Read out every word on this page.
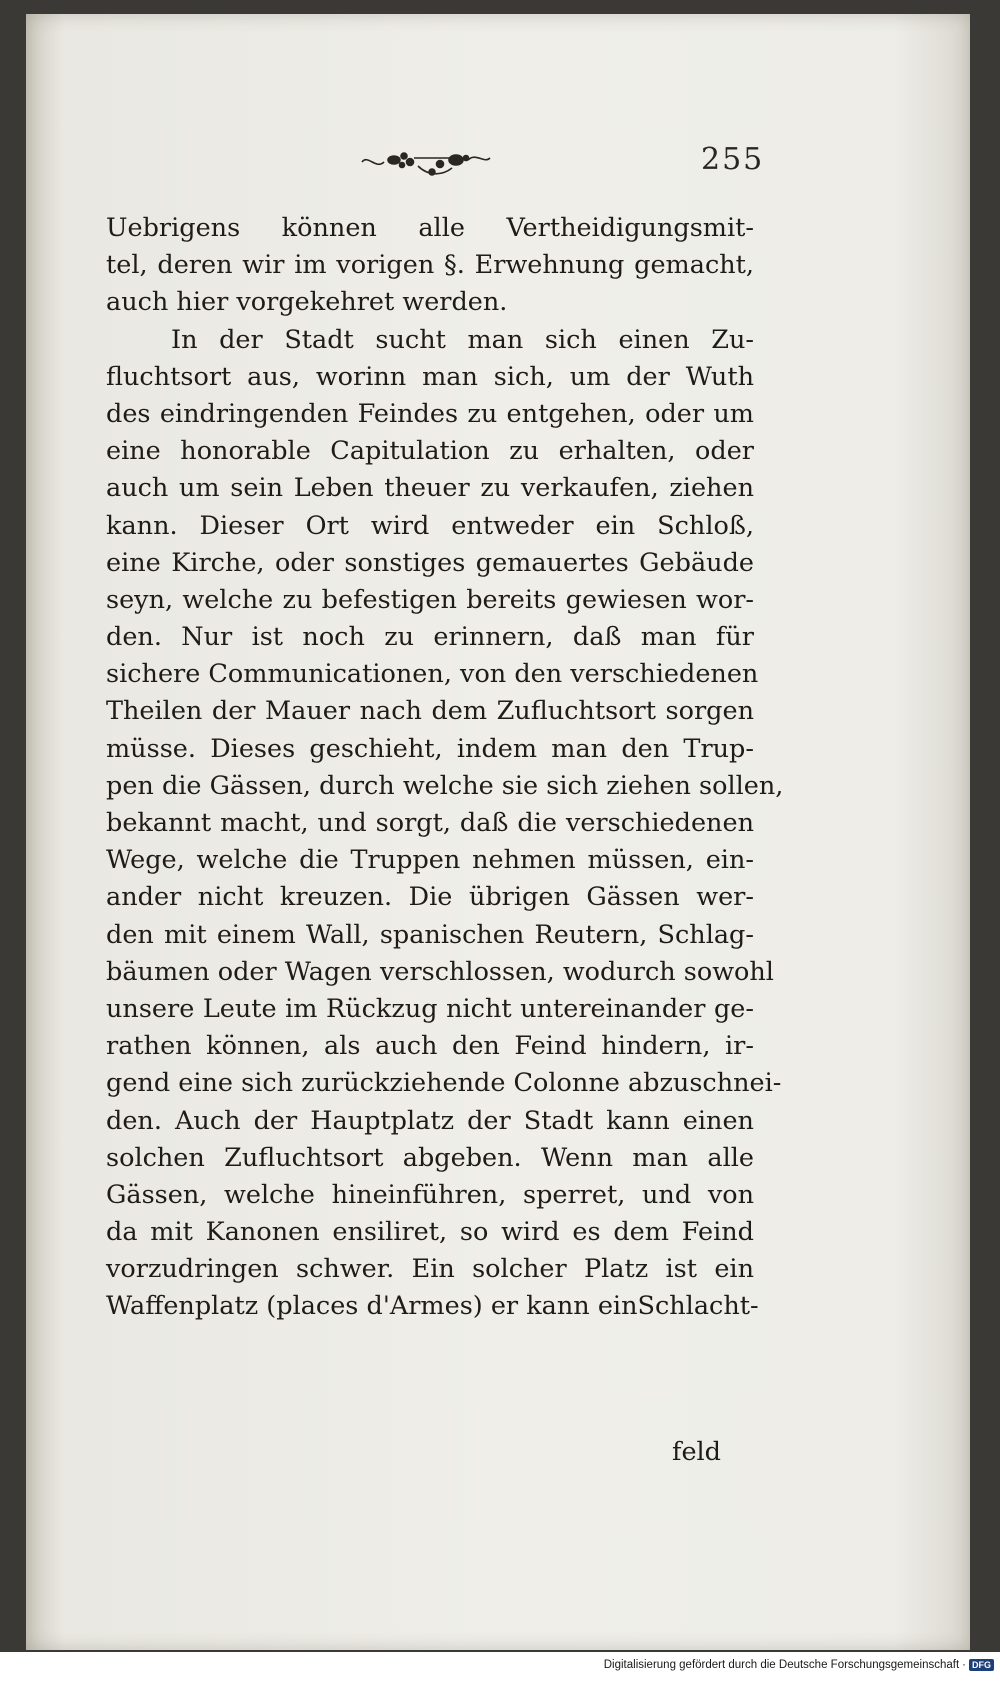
255
Uebrigens können alle Vertheidigungsmit-
tel, deren wir im vorigen §. Erwehnung gemacht,
auch hier vorgekehret werden.
In der Stadt sucht man sich einen Zu-
fluchtsort aus, worinn man sich, um der Wuth
des eindringenden Feindes zu entgehen, oder um
eine honorable Capitulation zu erhalten, oder
auch um sein Leben theuer zu verkaufen, ziehen
kann. Dieser Ort wird entweder ein Schloß,
eine Kirche, oder sonstiges gemauertes Gebäude
seyn, welche zu befestigen bereits gewiesen wor-
den. Nur ist noch zu erinnern, daß man für
sichere Communicationen, von den verschiedenen
Theilen der Mauer nach dem Zufluchtsort sorgen
müsse. Dieses geschieht, indem man den Trup-
pen die Gässen, durch welche sie sich ziehen sollen,
bekannt macht, und sorgt, daß die verschiedenen
Wege, welche die Truppen nehmen müssen, ein-
ander nicht kreuzen. Die übrigen Gässen wer-
den mit einem Wall, spanischen Reutern, Schlag-
bäumen oder Wagen verschlossen, wodurch sowohl
unsere Leute im Rückzug nicht untereinander ge-
rathen können, als auch den Feind hindern, ir-
gend eine sich zurückziehende Colonne abzuschnei-
den. Auch der Hauptplatz der Stadt kann einen
solchen Zufluchtsort abgeben. Wenn man alle
Gässen, welche hineinführen, sperret, und von
da mit Kanonen ensiliret, so wird es dem Feind
vorzudringen schwer. Ein solcher Platz ist ein
Waffenplatz (places d'Armes) er kann einSchlacht-
feld
Digitalisierung gefördert durch die Deutsche Forschungsgemeinschaft · DFG
